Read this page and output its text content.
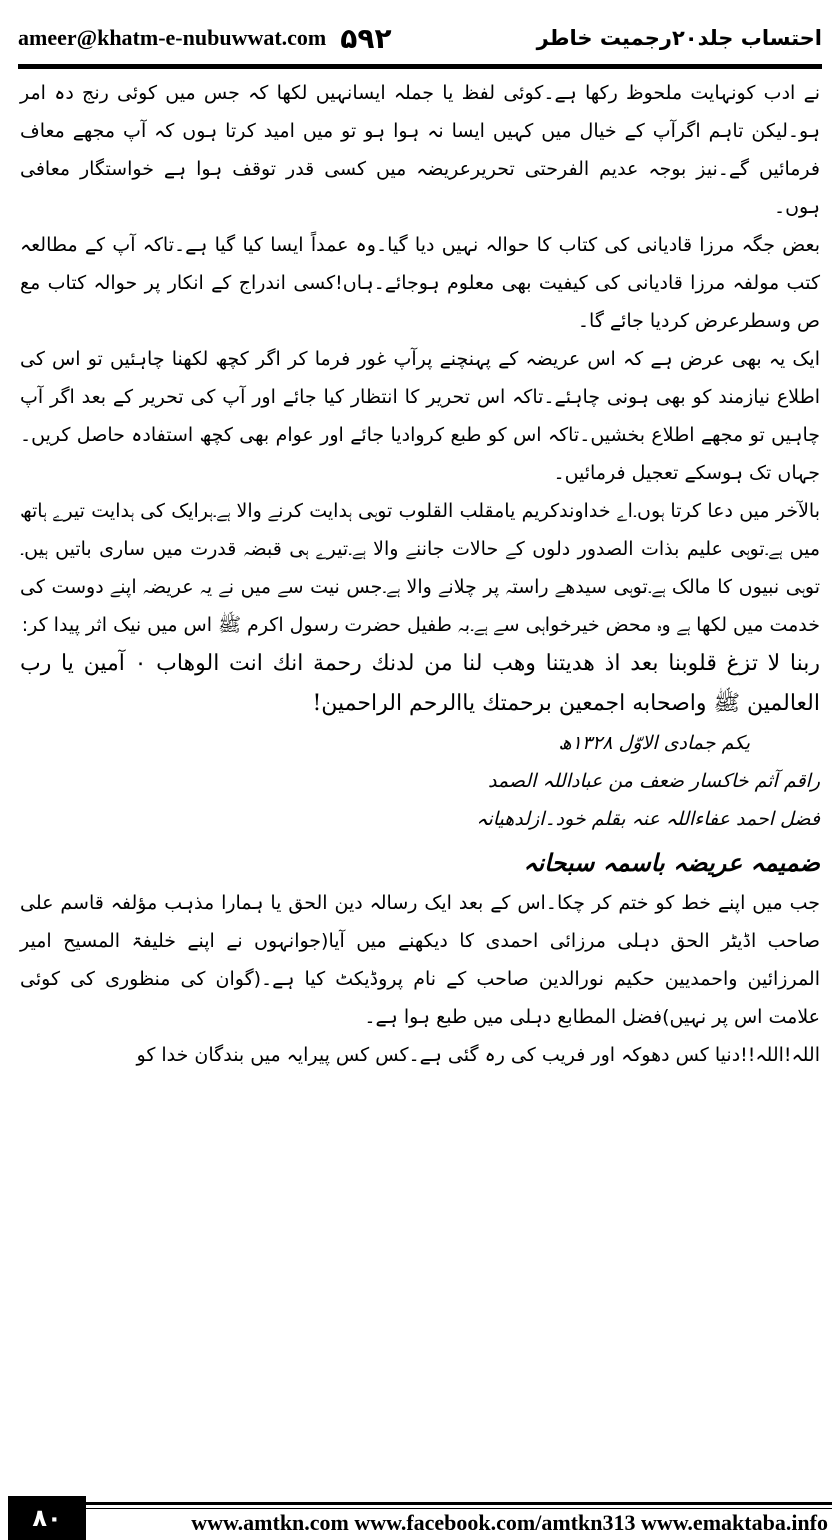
ameer@khatm-e-nubuwwat.com ۵۹۲	احتساب جلد۲۰رجمیت خاطر

نے ادب کونہایت ملحوظ رکھا ہے۔کوئی لفظ یا جملہ ایسانہیں لکھا کہ جس میں کوئی رنج دہ امر ہو۔لیکن تاہم اگرآپ کے خیال میں کہیں ایسا نہ ہوا ہو تو میں امید کرتا ہوں کہ آپ مجھے معاف فرمائیں گے۔نیز بوجہ عدیم الفرحتی تحریرعریضہ میں کسی قدر توقف ہوا ہے خواستگار معافی ہوں۔

بعض جگہ مرزا قادیانی کی کتاب کا حوالہ نہیں دیا گیا۔وہ عمداً ایسا کیا گیا ہے۔تاکہ آپ کے مطالعہ کتب مولفہ مرزا قادیانی کی کیفیت بھی معلوم ہوجائے۔ہاں!کسی اندراج کے انکار پر حوالہ کتاب مع ص وسطرعرض کردیا جائے گا۔

ایک یہ بھی عرض ہے کہ اس عریضہ کے پہنچنے پرآپ غور فرما کر اگر کچھ لکھنا چاہئیں تو اس کی اطلاع نیازمند کو بھی ہونی چاہئے۔تاکہ اس تحریر کا انتظار کیا جائے اور آپ کی تحریر کے بعد اگر آپ چاہیں تو مجھے اطلاع بخشیں۔تاکہ اس کو طبع کروادیا جائے اور عوام بھی کچھ استفادہ حاصل کریں۔جہاں تک ہوسکے تعجیل فرمائیں۔

بالآخر میں دعا کرتا ہوں۔اے خداوندکریم یامقلب القلوب توہی ہدایت کرنے والا ہے۔ہرایک کی ہدایت تیرے ہاتھ میں ہے۔توہی علیم بذات الصدور دلوں کے حالات جاننے والا ہے۔تیرے ہی قبضہ قدرت میں ساری باتیں ہیں۔توہی نبیوں کا مالک ہے۔توہی سیدھے راستہ پر چلانے والا ہے۔جس نیت سے میں نے یہ عریضہ اپنے دوست کی خدمت میں لکھا ہے وہ محض خیرخواہی سے ہے۔بہ طفیل حضرت رسول اکرم ﷺ اس میں نیک اثر پیدا کر:

ربنا لا تزغ قلوبنا بعد اذ هديتنا وهب لنا من لدنك رحمة انك انت الوهاب ۰ آمين يا رب العالمين ﷺ واصحابه اجمعين برحمتك ياالرحم الراحمين!

یکم جمادی الاوّل ۱۳۲۸ھ

راقم آثم خاکسار ضعف من عباداللہ الصمد

فضل احمد عفاءاللہ عنہ بقلم خود۔ازلدھیانہ

ضمیمہ عریضہ باسمہ سبحانہ

جب میں اپنے خط کو ختم کر چکا۔اس کے بعد ایک رسالہ دین الحق یا ہمارا مذہب مؤلفہ قاسم علی صاحب اڈیٹر الحق دہلی مرزائی احمدی کا دیکھنے میں آیا(جوانہوں نے اپنے خلیفۃ المسیح امیر المرزائین واحمدیین حکیم نورالدین صاحب کے نام پروڈیکٹ کیا ہے۔(گوان کی منظوری کی کوئی علامت اس پر نہیں)فضل المطابع دہلی میں طبع ہوا ہے۔

اللہ!اللہ!!دنیا کس دھوکہ اور فریب کی رہ گئی ہے۔کس کس پیرایہ میں بندگان خدا کو

۸۰	www.amtkn.com www.facebook.com/amtkn313 www.emaktaba.info
